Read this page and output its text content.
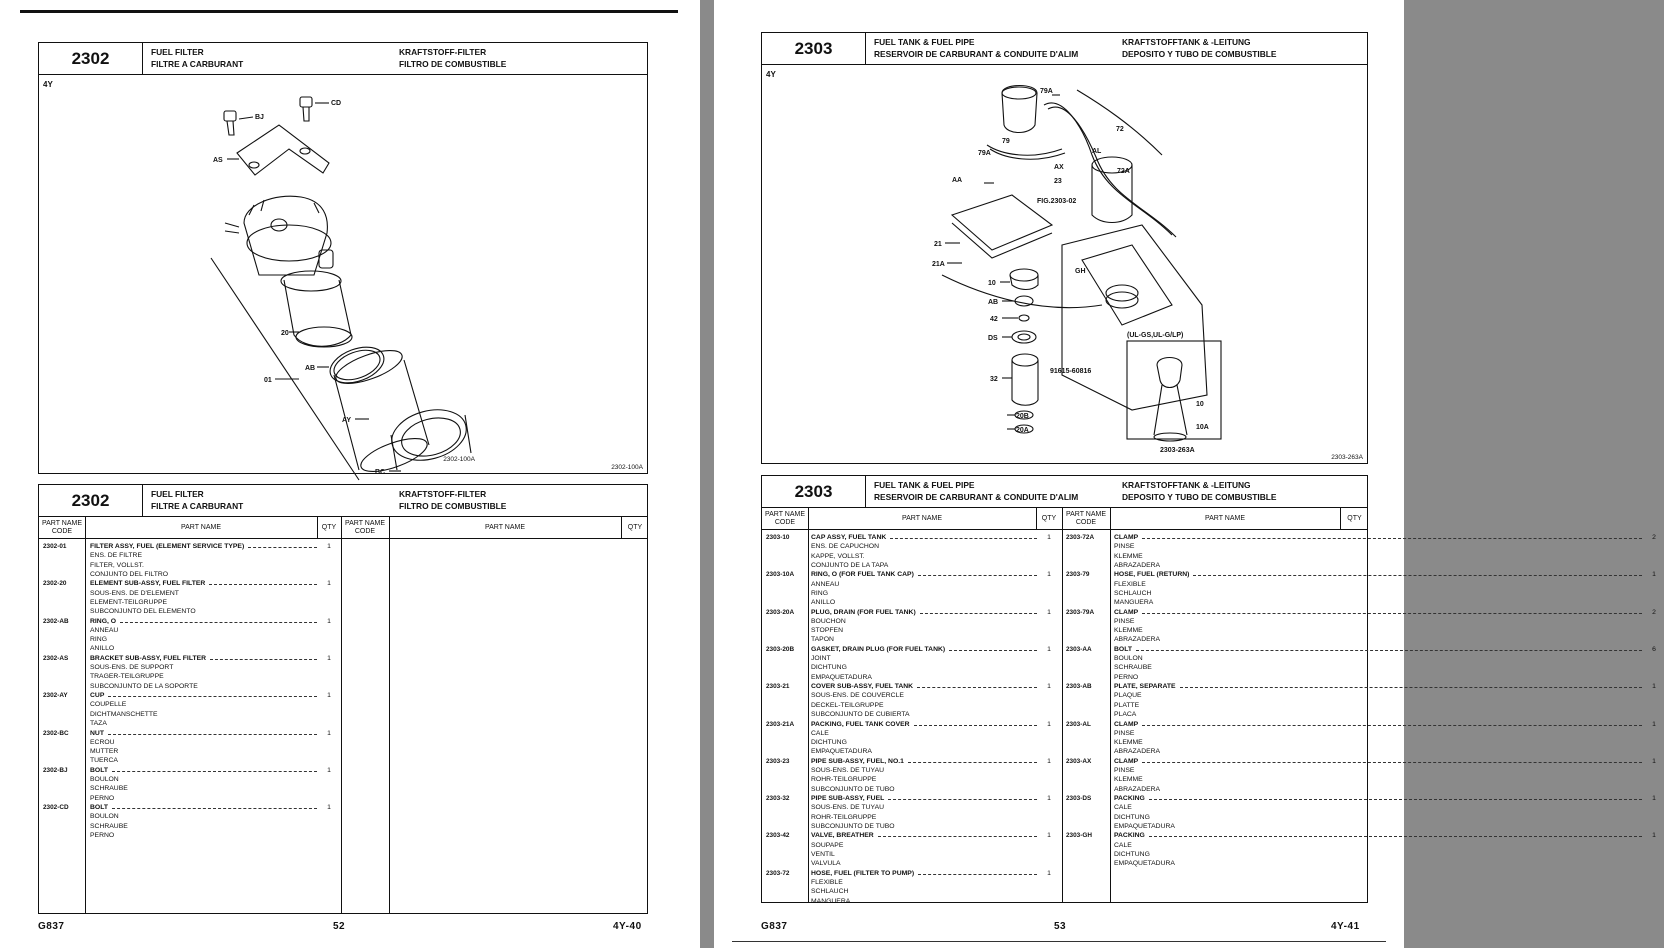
2302	FUEL FILTER
FILTRE A CARBURANT
KRAFTSTOFF-FILTER
FILTRO DE COMBUSTIBLE
4Y
BJ
CD
AS
20
AB
01
AY
BC
2302-100A
2302-100A
2302	FUEL FILTER
FILTRE A CARBURANT
KRAFTSTOFF-FILTER
FILTRO DE COMBUSTIBLE
PART NAME CODE
PART NAME	QTY
PART NAME CODE
PART NAME	QTY
2302-01	FILTER ASSY, FUEL (ELEMENT SERVICE TYPE)
ENS. DE FILTRE
FILTER, VOLLST.
CONJUNTO DEL FILTRO
1
2302-20	ELEMENT SUB-ASSY, FUEL FILTER
SOUS-ENS. DE D'ELEMENT
ELEMENT-TEILGRUPPE
SUBCONJUNTO DEL ELEMENTO
1
2302-AB	RING, O
ANNEAU
RING
ANILLO
1
2302-AS	BRACKET SUB-ASSY, FUEL FILTER
SOUS-ENS. DE SUPPORT
TRAGER-TEILGRUPPE
SUBCONJUNTO DE LA SOPORTE
1
2302-AY	CUP
COUPELLE
DICHTMANSCHETTE
TAZA
1
2302-BC	NUT
ECROU
MUTTER
TUERCA
1
2302-BJ	BOLT
BOULON
SCHRAUBE
PERNO
1
2302-CD	BOLT
BOULON
SCHRAUBE
PERNO
1
G837	52	4Y-40
2303	FUEL TANK & FUEL PIPE
RESERVOIR DE CARBURANT & CONDUITE D'ALIM
KRAFTSTOFFTANK & -LEITUNG
DEPOSITO Y TUBO DE COMBUSTIBLE
4Y
79A
72
79
AL
79A
AX
72A
AA	23
FIG.2303-02
21
21A
GH
10
AB
42
DS	(UL-GS,UL-G/LP)
91615-60816
32
10
20B
10A
20A
2303-263A
2303-263A
2303	FUEL TANK & FUEL PIPE
RESERVOIR DE CARBURANT & CONDUITE D'ALIM
KRAFTSTOFFTANK & -LEITUNG
DEPOSITO Y TUBO DE COMBUSTIBLE
PART NAME CODE
PART NAME	QTY
PART NAME CODE
PART NAME	QTY
2303-10	CAP ASSY, FUEL TANK
ENS. DE CAPUCHON
KAPPE, VOLLST.
CONJUNTO DE LA TAPA
1
2303-10A RING, O (FOR FUEL TANK CAP)
ANNEAU
RING
ANILLO
1
2303-20A PLUG, DRAIN (FOR FUEL TANK)
BOUCHON
STOPFEN
TAPON
1
2303-20B GASKET, DRAIN PLUG (FOR FUEL TANK)
JOINT
DICHTUNG
EMPAQUETADURA
1
2303-21	COVER SUB-ASSY, FUEL TANK
SOUS-ENS. DE COUVERCLE
DECKEL-TEILGRUPPE
SUBCONJUNTO DE CUBIERTA
1
2303-21A PACKING, FUEL TANK COVER
CALE
DICHTUNG
EMPAQUETADURA
1
2303-23	PIPE SUB-ASSY, FUEL, NO.1
SOUS-ENS. DE TUYAU
ROHR-TEILGRUPPE
SUBCONJUNTO DE TUBO
1
2303-32	PIPE SUB-ASSY, FUEL
SOUS-ENS. DE TUYAU
ROHR-TEILGRUPPE
SUBCONJUNTO DE TUBO
1
2303-42	VALVE, BREATHER
SOUPAPE
VENTIL
VALVULA
1
2303-72	HOSE, FUEL (FILTER TO PUMP)
FLEXIBLE
SCHLAUCH
MANGUERA
1
2303-72A	CLAMP
PINSE
KLEMME
ABRAZADERA
2
2303-79	HOSE, FUEL (RETURN)
FLEXIBLE
SCHLAUCH
MANGUERA
1
2303-79A	CLAMP
PINSE
KLEMME
ABRAZADERA
2
2303-AA	BOLT
BOULON
SCHRAUBE
PERNO
6
2303-AB	PLATE, SEPARATE
PLAQUE
PLATTE
PLACA
1
2303-AL	CLAMP
PINSE
KLEMME
ABRAZADERA
1
2303-AX	CLAMP
PINSE
KLEMME
ABRAZADERA
1
2303-DS	PACKING
CALE
DICHTUNG
EMPAQUETADURA
1
2303-GH	PACKING
CALE
DICHTUNG
EMPAQUETADURA
1
G837	53	4Y-41
